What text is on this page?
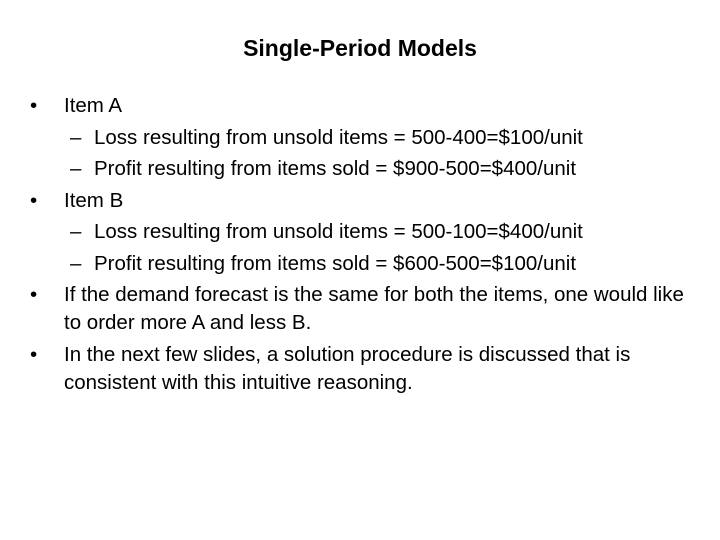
Single-Period Models
•	Item A
– Loss resulting from unsold items = 500-400=$100/unit
– Profit resulting from items sold = $900-500=$400/unit
•	Item B
– Loss resulting from unsold items = 500-100=$400/unit
– Profit resulting from items sold = $600-500=$100/unit
•	If the demand forecast is the same for both the items, one would like to order more A and less B.
•	In the next few slides, a solution procedure is discussed that is consistent with this intuitive reasoning.
